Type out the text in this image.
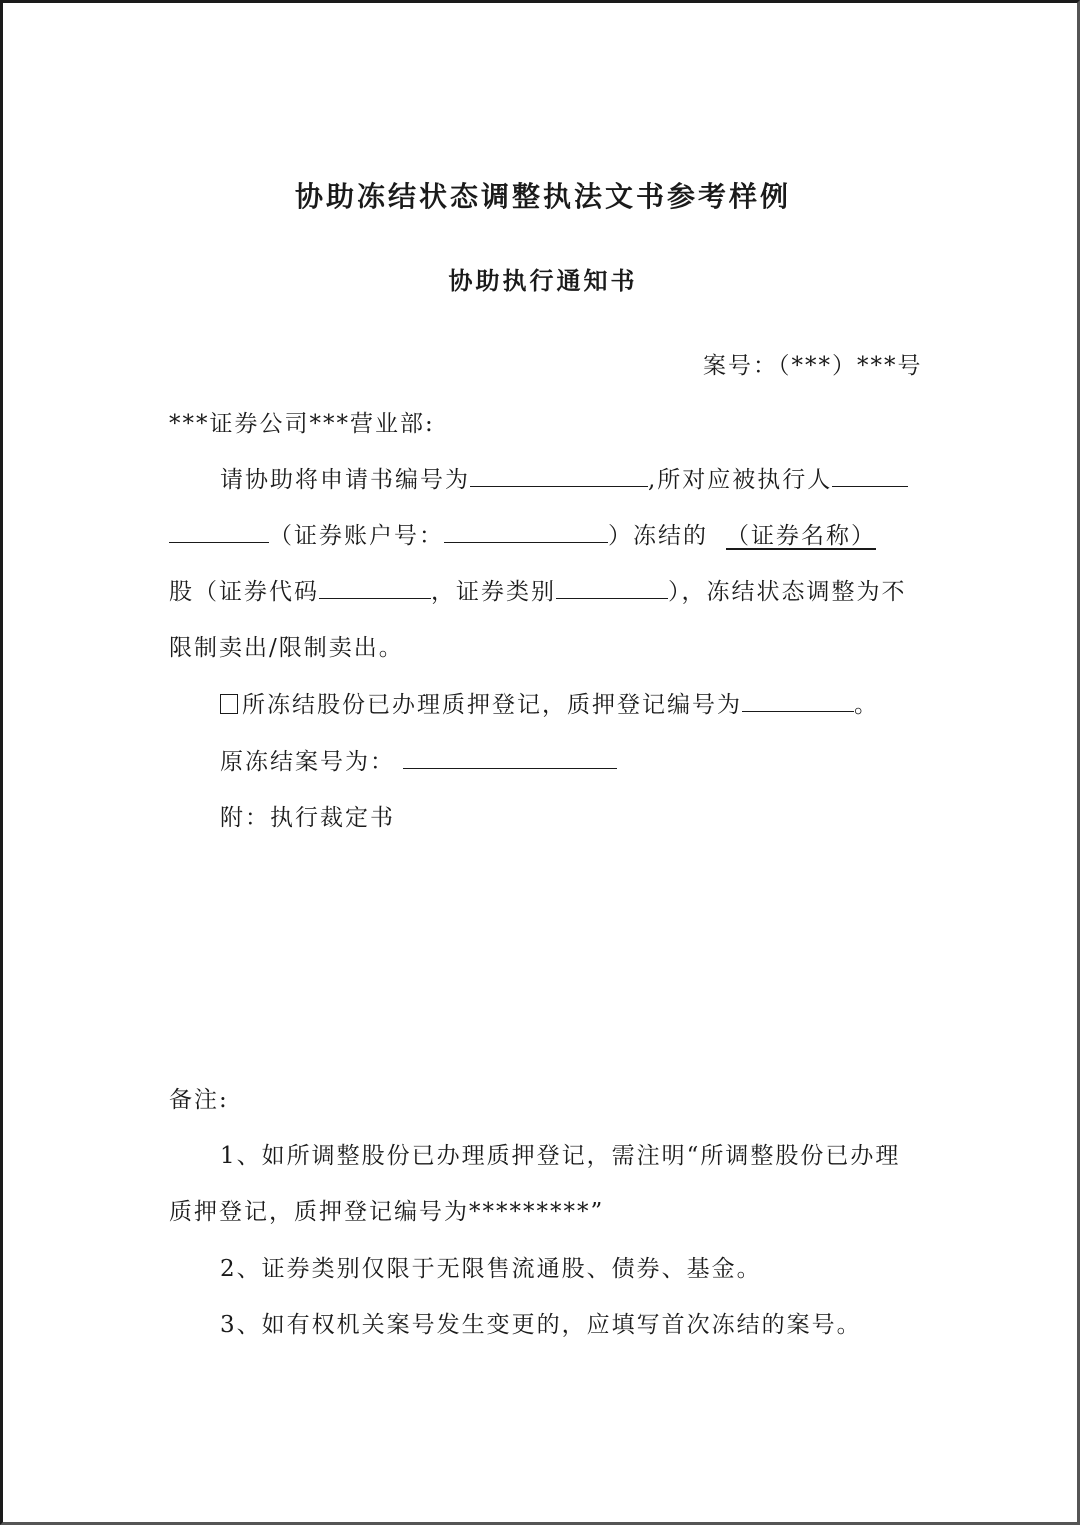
协助冻结状态调整执法文书参考样例
协助执行通知书
案号：（***）***号
***证券公司***营业部:
请协助将申请书编号为	,所对应被执行人
（证券账户号：	）冻结的 （证券名称）
股（证券代码	，证券类别	），冻结状态调整为不
限制卖出/限制卖出。
所冻结股份已办理质押登记，质押登记编号为	。
原冻结案号为：
附：执行裁定书
备注:
1、如所调整股份已办理质押登记，需注明“所调整股份已办理
质押登记，质押登记编号为*********”
2、证券类别仅限于无限售流通股、债券、基金。
3、如有权机关案号发生变更的，应填写首次冻结的案号。
